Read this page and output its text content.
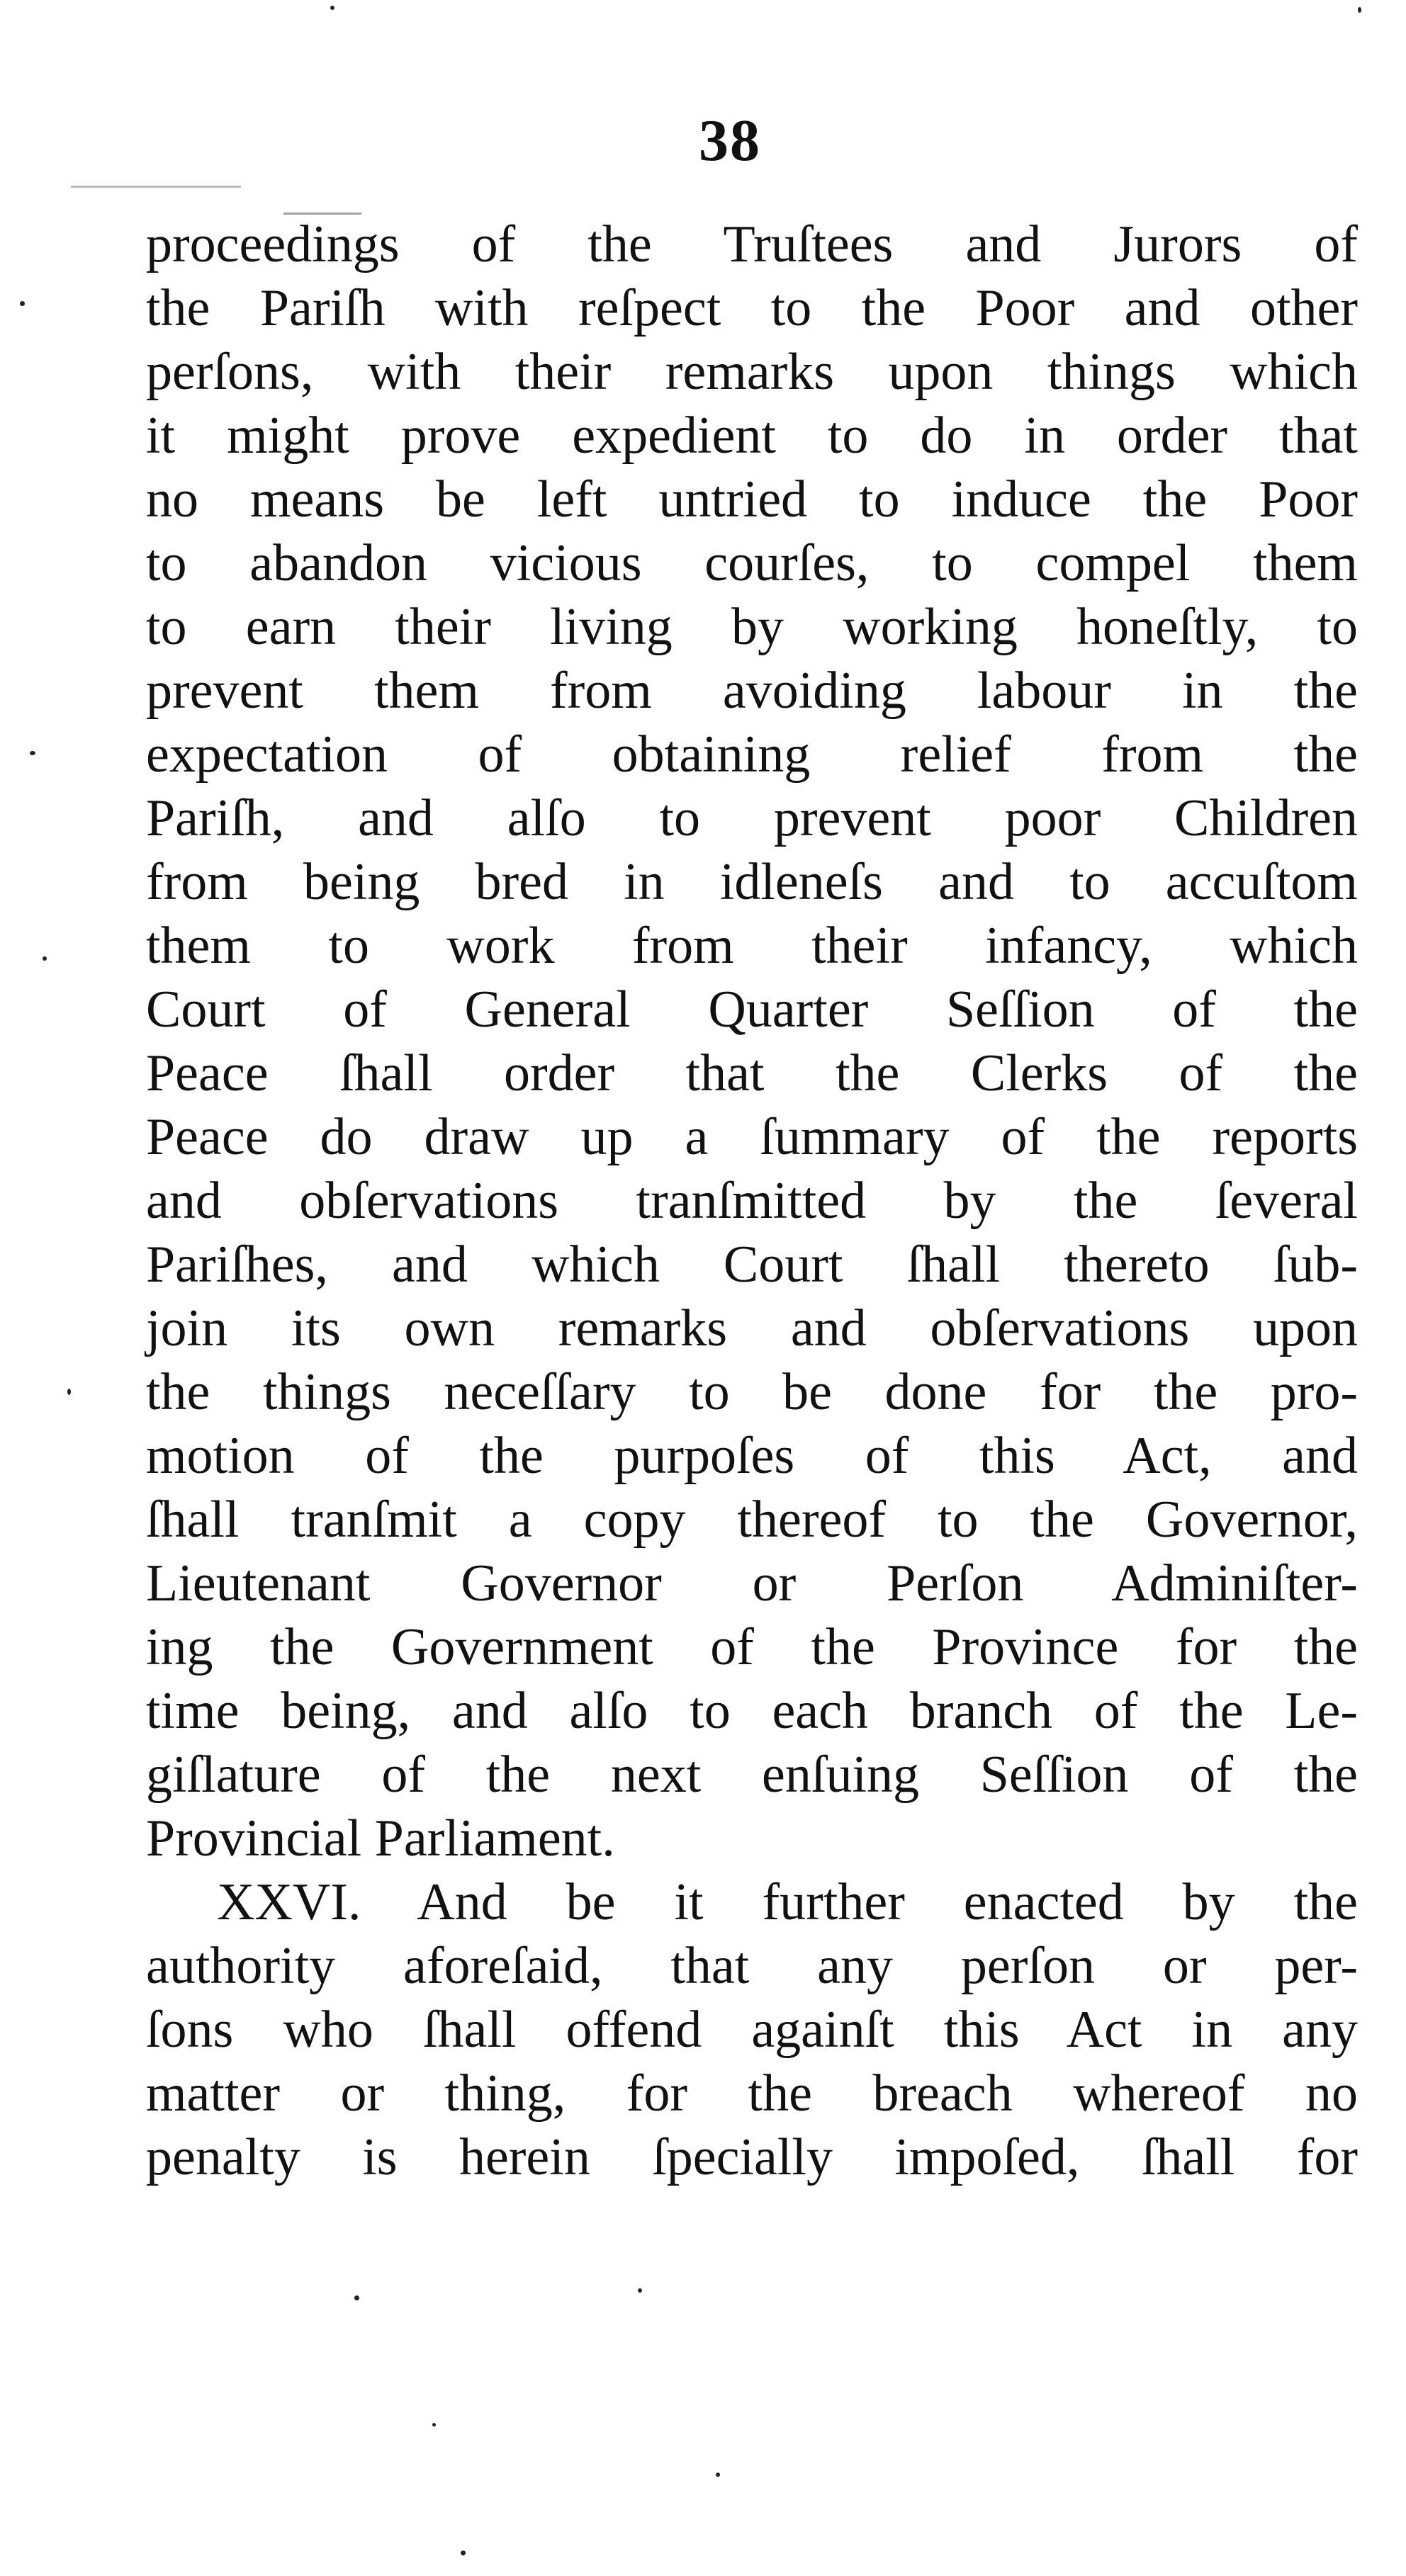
38
proceedings of the Truſtees and Jurors of
the Pariſh with reſpect to the Poor and other
perſons, with their remarks upon things which
it might prove expedient to do in order that
no means be left untried to induce the Poor
to abandon vicious courſes, to compel them
to earn their living by working honeſtly, to
prevent them from avoiding labour in the
expectation of obtaining relief from the
Pariſh, and alſo to prevent poor Children
from being bred in idleneſs and to accuſtom
them to work from their infancy, which
Court of General Quarter Seſſion of the
Peace ſhall order that the Clerks of the
Peace do draw up a ſummary of the reports
and obſervations tranſmitted by the ſeveral
Pariſhes, and which Court ſhall thereto ſub-
join its own remarks and obſervations upon
the things neceſſary to be done for the pro-
motion of the purpoſes of this Act, and
ſhall tranſmit a copy thereof to the Governor,
Lieutenant Governor or Perſon Adminiſter-
ing the Government of the Province for the
time being, and alſo to each branch of the Le-
giſlature of the next enſuing Seſſion of the
Provincial Parliament.
XXVI. And be it further enacted by the
authority aforeſaid, that any perſon or per-
ſons who ſhall offend againſt this Act in any
matter or thing, for the breach whereof no
penalty is herein ſpecially impoſed, ſhall for
